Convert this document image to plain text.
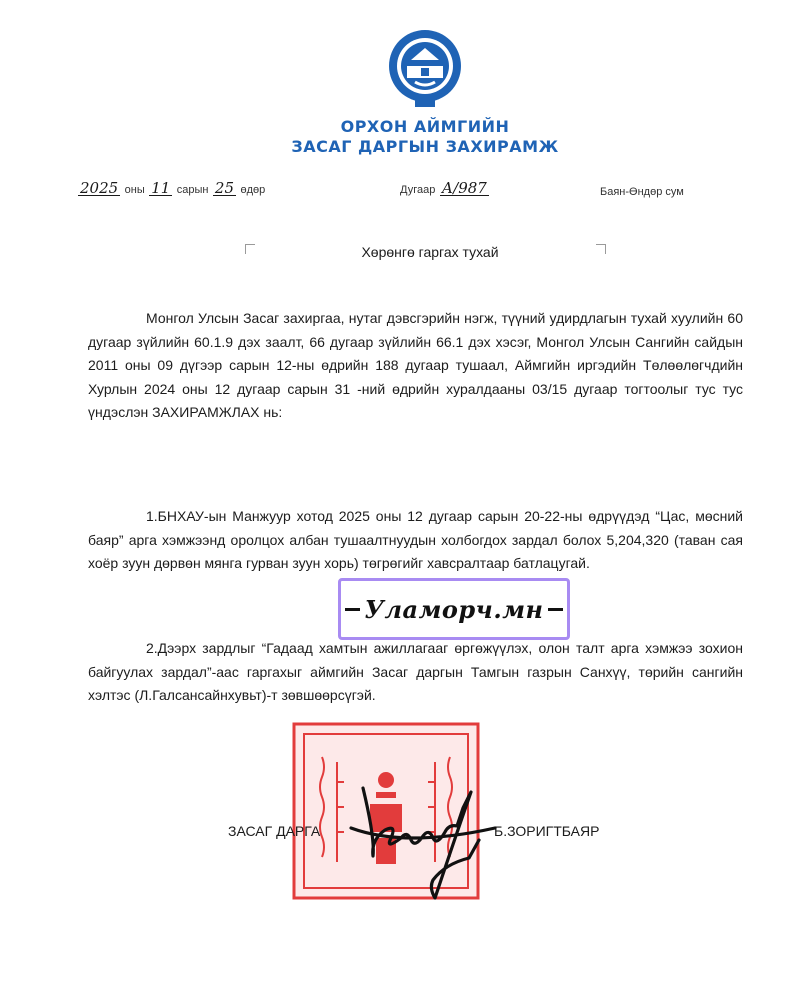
ОРХОН АЙМГИЙН
ЗАСАГ ДАРГЫН ЗАХИРАМЖ
2025 оны 11 сарын 25 өдөр	Дугаар А/987	Баян-Өндөр сум
Хөрөнгө гаргах тухай
Монгол Улсын Засаг захиргаа, нутаг дэвсгэрийн нэгж, түүний удирдлагын тухай хуулийн 60 дугаар зүйлийн 60.1.9 дэх заалт, 66 дугаар зүйлийн 66.1 дэх хэсэг, Монгол Улсын Сангийн сайдын 2011 оны 09 дүгээр сарын 12-ны өдрийн 188 дугаар тушаал, Аймгийн иргэдийн Төлөөлөгчдийн Хурлын 2024 оны 12 дугаар сарын 31 -ний өдрийн хуралдааны 03/15 дугаар тогтоолыг тус тус үндэслэн ЗАХИРАМЖЛАХ нь:
1.БНХАУ-ын Манжуур хотод 2025 оны 12 дугаар сарын 20-22-ны өдрүүдэд “Цас, мөсний баяр” арга хэмжээнд оролцох албан тушаалтнуудын холбогдох зардал болох 5,204,320 (таван сая хоёр зуун дөрвөн мянга гурван зуун хорь) төгрөгийг хавсралтаар батлацугай.
2.Дээрх зардлыг “Гадаад хамтын ажиллагааг өргөжүүлэх, олон талт арга хэмжээ зохион байгуулах зардал”-аас гаргахыг аймгийн Засаг даргын Тамгын газрын Санхүү, төрийн сангийн хэлтэс (Л.Галсансайнхувьт)-т зөвшөөрсүгэй.
Уламорч.мн
ЗАСАГ ДАРГА	Б.ЗОРИГТБАЯР
